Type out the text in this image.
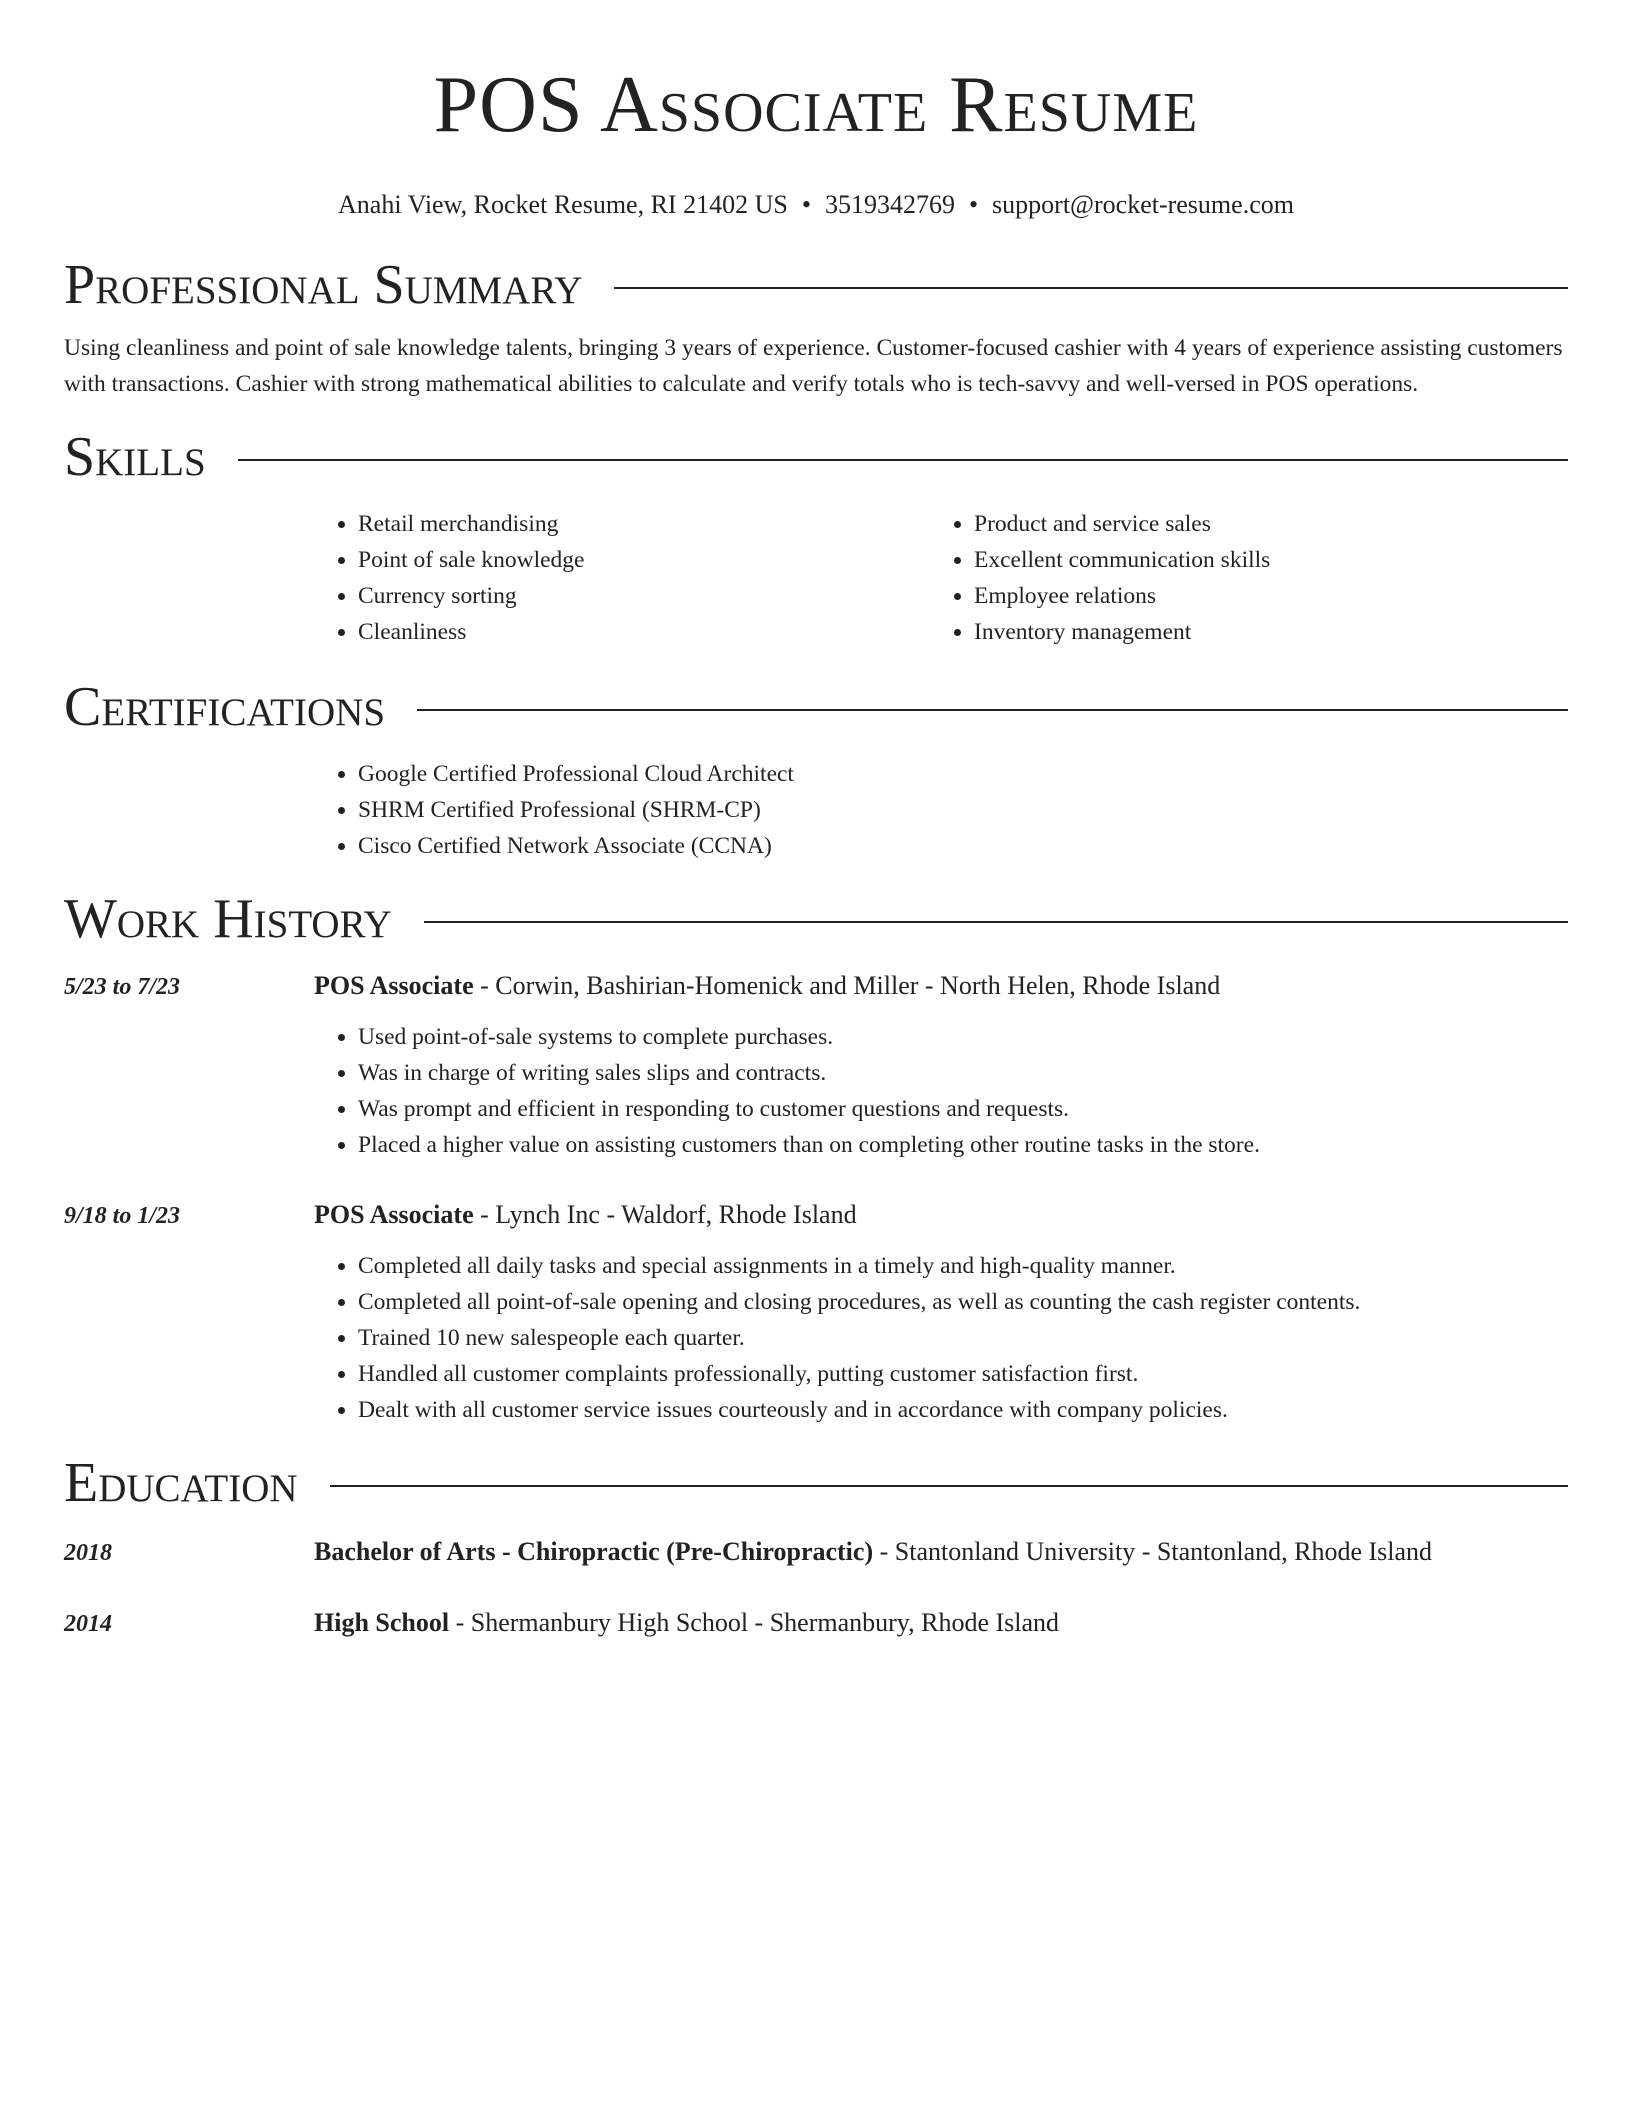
POS Associate Resume
Anahi View, Rocket Resume, RI 21402 US • 3519342769 • support@rocket-resume.com
Professional Summary

Using cleanliness and point of sale knowledge talents, bringing 3 years of experience. Customer-focused cashier with 4 years of experience assisting customers with transactions. Cashier with strong mathematical abilities to calculate and verify totals who is tech-savvy and well-versed in POS operations.

Skills
• Retail merchandising
• Point of sale knowledge
• Currency sorting
• Cleanliness
• Product and service sales
• Excellent communication skills
• Employee relations
• Inventory management
Certifications
• Google Certified Professional Cloud Architect
• SHRM Certified Professional (SHRM-CP)
• Cisco Certified Network Associate (CCNA)
Work History
5/23 to 7/23	POS Associate - Corwin, Bashirian-Homenick and Miller - North Helen, Rhode Island
• Used point-of-sale systems to complete purchases.
• Was in charge of writing sales slips and contracts.
• Was prompt and efficient in responding to customer questions and requests.
• Placed a higher value on assisting customers than on completing other routine tasks in the store.
9/18 to 1/23	POS Associate - Lynch Inc - Waldorf, Rhode Island
• Completed all daily tasks and special assignments in a timely and high-quality manner.
• Completed all point-of-sale opening and closing procedures, as well as counting the cash register contents.
• Trained 10 new salespeople each quarter.
• Handled all customer complaints professionally, putting customer satisfaction first.
• Dealt with all customer service issues courteously and in accordance with company policies.
Education
2018	Bachelor of Arts - Chiropractic (Pre-Chiropractic) - Stantonland University - Stantonland, Rhode Island
2014	High School - Shermanbury High School - Shermanbury, Rhode Island
